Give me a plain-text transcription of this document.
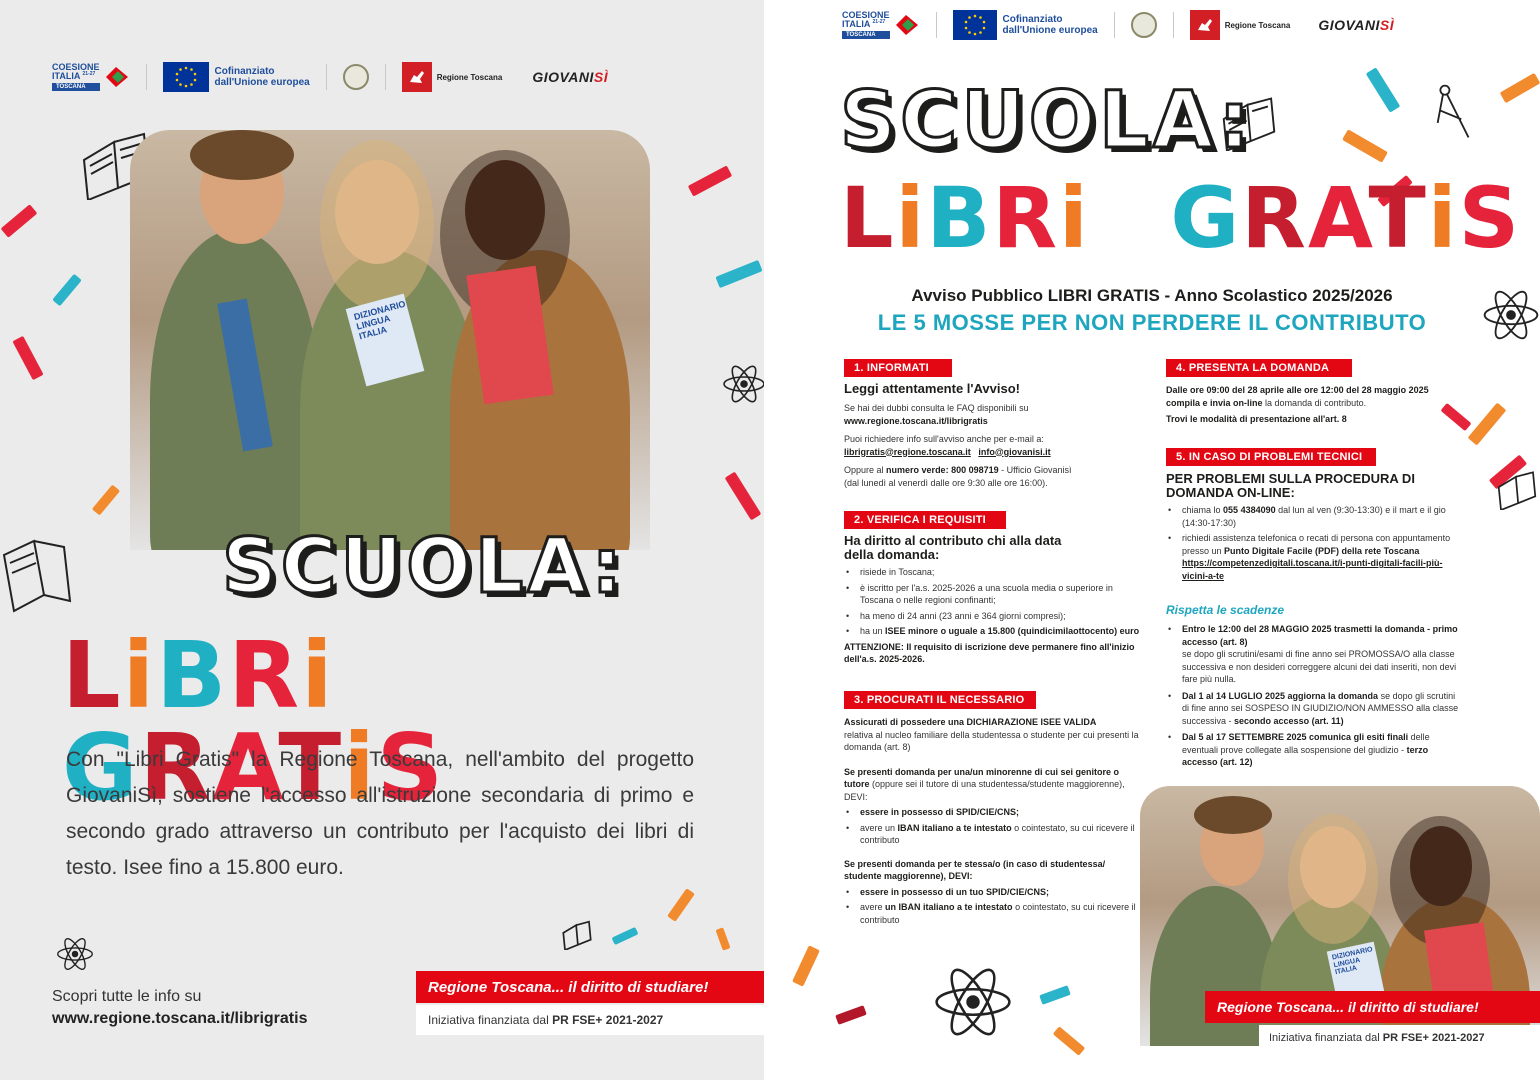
COESIONE
ITALIA $^{21-27}$
TOSCANA
Cofinanziato
dall'Unione europea	Regione Toscana GIOVANISÌ
DIZIONARIO LINGUA ITALIA
SCUOLA:
LiBRi  GRATiS
Con "Libri Gratis" la Regione Toscana, nell'ambito del progetto GiovaniSì, sostiene l'accesso all'istruzione secondaria di primo e secondo grado attraverso un contributo per l'acquisto dei libri di testo. Isee fino a 15.800 euro.
Scopri tutte le info su
www.regione.toscana.it/librigratis
Regione Toscana... il diritto di studiare!
Iniziativa finanziata dal
PR FSE+ 2021-2027
COESIONE
ITALIA $^{21-27}$
TOSCANA
Cofinanziato
dall'Unione europea	Regione Toscana GIOVANISÌ
SCUOLA:
LiBRi GRATiS
Avviso Pubblico LIBRI GRATIS - Anno Scolastico 2025/2026
LE 5 MOSSE PER NON PERDERE IL CONTRIBUTO
1. INFORMATI
Leggi attentamente l'Avviso!
Se hai dei dubbi consulta le FAQ disponibili su
www.regione.toscana.it/librigratis
Puoi richiedere info sull'avviso anche per e-mail a:
librigratis@regione.toscana.it info@giovanisi.it
Oppure al numero verde: 800 098719 - Ufficio Giovanisì
(dal lunedì al venerdì dalle ore 9:30 alle ore 16:00).
2. VERIFICA I REQUISITI
Ha diritto al contributo chi alla data della domanda:
• risiede in Toscana;
• è iscritto per l'a.s. 2025-2026 a una scuola media o superiore in Toscana o nelle regioni confinanti;
• ha meno di 24 anni (23 anni e 364 giorni compresi);
• ha un ISEE minore o uguale a 15.800 (quindicimilaottocento) euro
ATTENZIONE: Il requisito di iscrizione deve permanere fino all'inizio dell'a.s. 2025-2026.
3. PROCURATI IL NECESSARIO
Assicurati di possedere una DICHIARAZIONE ISEE VALIDA
relativa al nucleo familiare della studentessa o studente per cui presenti la domanda (art. 8)
Se presenti domanda per una/un minorenne di cui sei genitore o tutore (oppure sei il tutore di una studentessa/studente maggiorenne), DEVI:
• essere in possesso di SPID/CIE/CNS;
• avere un IBAN italiano a te intestato o cointestato, su cui ricevere il contributo
Se presenti domanda per te stessa/o (in caso di studentessa/ studente maggiorenne), DEVI:
• essere in possesso di un tuo SPID/CIE/CNS;
• avere un IBAN italiano a te intestato o cointestato, su cui ricevere il contributo
4. PRESENTA LA DOMANDA
Dalle ore 09:00 del 28 aprile alle ore 12:00 del 28 maggio 2025 compila e invia on-line la domanda di contributo.
Trovi le modalità di presentazione all'art. 8
5. IN CASO DI PROBLEMI TECNICI
PER PROBLEMI SULLA PROCEDURA DI DOMANDA ON-LINE:
• chiama lo 055 4384090 dal lun al ven (9:30-13:30) e il mart e il gio (14:30-17:30)
• richiedi assistenza telefonica o recati di persona con appuntamento presso un Punto Digitale Facile (PDF) della rete Toscana https://competenzedigitali.toscana.it/i-punti-digitali-facili-più-vicini-a-te
Rispetta le scadenze
• Entro le 12:00 del 28 MAGGIO 2025 trasmetti la domanda - primo accesso (art. 8)
se dopo gli scrutini/esami di fine anno sei PROMOSSA/O alla classe successiva e non desideri correggere alcuni dei dati inseriti, non devi fare più nulla.
• Dal 1 al 14 LUGLIO 2025 aggiorna la domanda se dopo gli scrutini di fine anno sei SOSPESO IN GIUDIZIO/NON AMMESSO alla classe successiva - secondo accesso (art. 11)
• Dal 5 al 17 SETTEMBRE 2025 comunica gli esiti finali delle eventuali prove collegate alla sospensione del giudizio - terzo accesso (art. 12)
DIZIONARIO LINGUA ITALIA
Regione Toscana... il diritto di studiare!
Iniziativa finanziata dal
PR FSE+ 2021-2027
